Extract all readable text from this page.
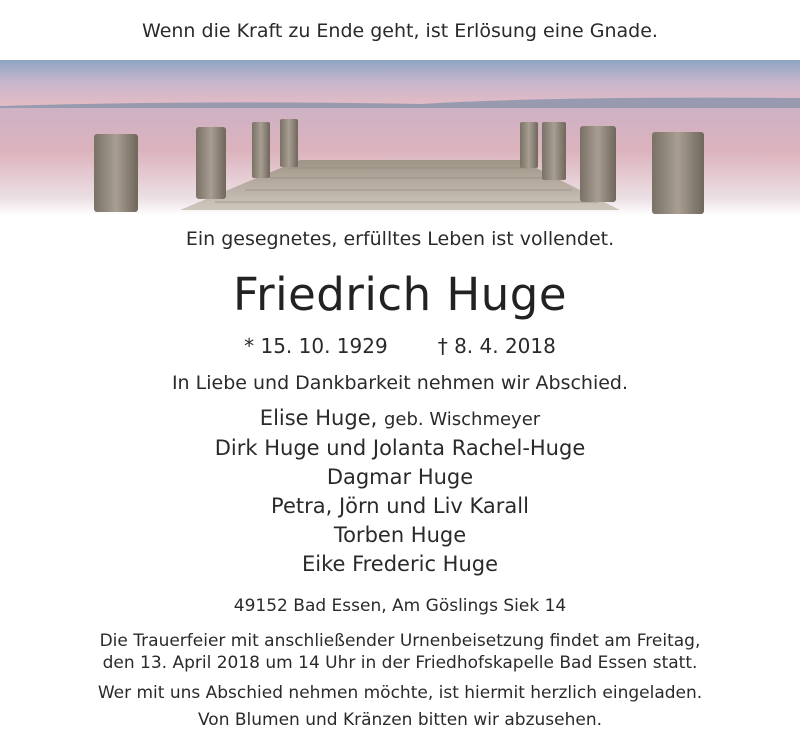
Wenn die Kraft zu Ende geht, ist Erlösung eine Gnade.
Ein gesegnetes, erfülltes Leben ist vollendet.
Friedrich Huge
* 15. 10. 1929	† 8. 4. 2018
In Liebe und Dankbarkeit nehmen wir Abschied.
Elise Huge, geb. Wischmeyer
Dirk Huge und Jolanta Rachel-Huge
Dagmar Huge
Petra, Jörn und Liv Karall
Torben Huge
Eike Frederic Huge
49152 Bad Essen, Am Göslings Siek 14
Die Trauerfeier mit anschließender Urnenbeisetzung findet am Freitag,
den 13. April 2018 um 14 Uhr in der Friedhofskapelle Bad Essen statt.
Wer mit uns Abschied nehmen möchte, ist hiermit herzlich eingeladen.
Von Blumen und Kränzen bitten wir abzusehen.
